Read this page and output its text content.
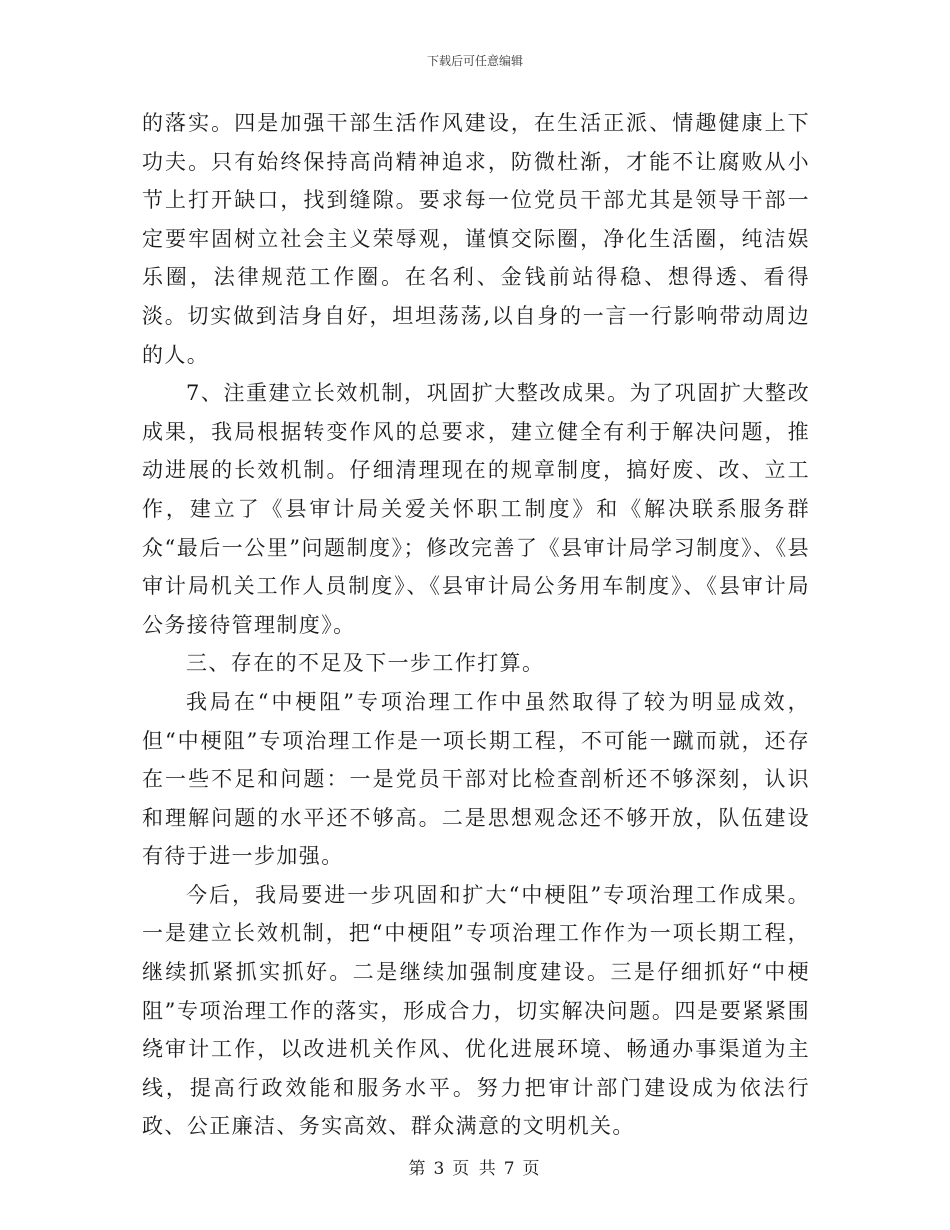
下载后可任意编辑

的落实。四是加强干部生活作风建设，在生活正派、情趣健康上下功夫。只有始终保持高尚精神追求，防微杜渐，才能不让腐败从小节上打开缺口，找到缝隙。要求每一位党员干部尤其是领导干部一定要牢固树立社会主义荣辱观，谨慎交际圈，净化生活圈，纯洁娱乐圈，法律规范工作圈。在名利、金钱前站得稳、想得透、看得淡。切实做到洁身自好，坦坦荡荡,以自身的一言一行影响带动周边的人。

7、注重建立长效机制，巩固扩大整改成果。为了巩固扩大整改成果，我局根据转变作风的总要求，建立健全有利于解决问题，推动进展的长效机制。仔细清理现在的规章制度，搞好废、改、立工作，建立了《县审计局关爱关怀职工制度》和《解决联系服务群众“最后一公里”问题制度》；修改完善了《县审计局学习制度》、《县审计局机关工作人员制度》、《县审计局公务用车制度》、《县审计局公务接待管理制度》。

三、存在的不足及下一步工作打算。

我局在“中梗阻”专项治理工作中虽然取得了较为明显成效，但“中梗阻”专项治理工作是一项长期工程，不可能一蹴而就，还存在一些不足和问题：一是党员干部对比检查剖析还不够深刻，认识和理解问题的水平还不够高。二是思想观念还不够开放，队伍建设有待于进一步加强。

今后，我局要进一步巩固和扩大“中梗阻”专项治理工作成果。一是建立长效机制，把“中梗阻”专项治理工作作为一项长期工程，继续抓紧抓实抓好。二是继续加强制度建设。三是仔细抓好“中梗阻”专项治理工作的落实，形成合力，切实解决问题。四是要紧紧围绕审计工作，以改进机关作风、优化进展环境、畅通办事渠道为主线，提高行政效能和服务水平。努力把审计部门建设成为依法行政、公正廉洁、务实高效、群众满意的文明机关。

第 3 页 共 7 页
